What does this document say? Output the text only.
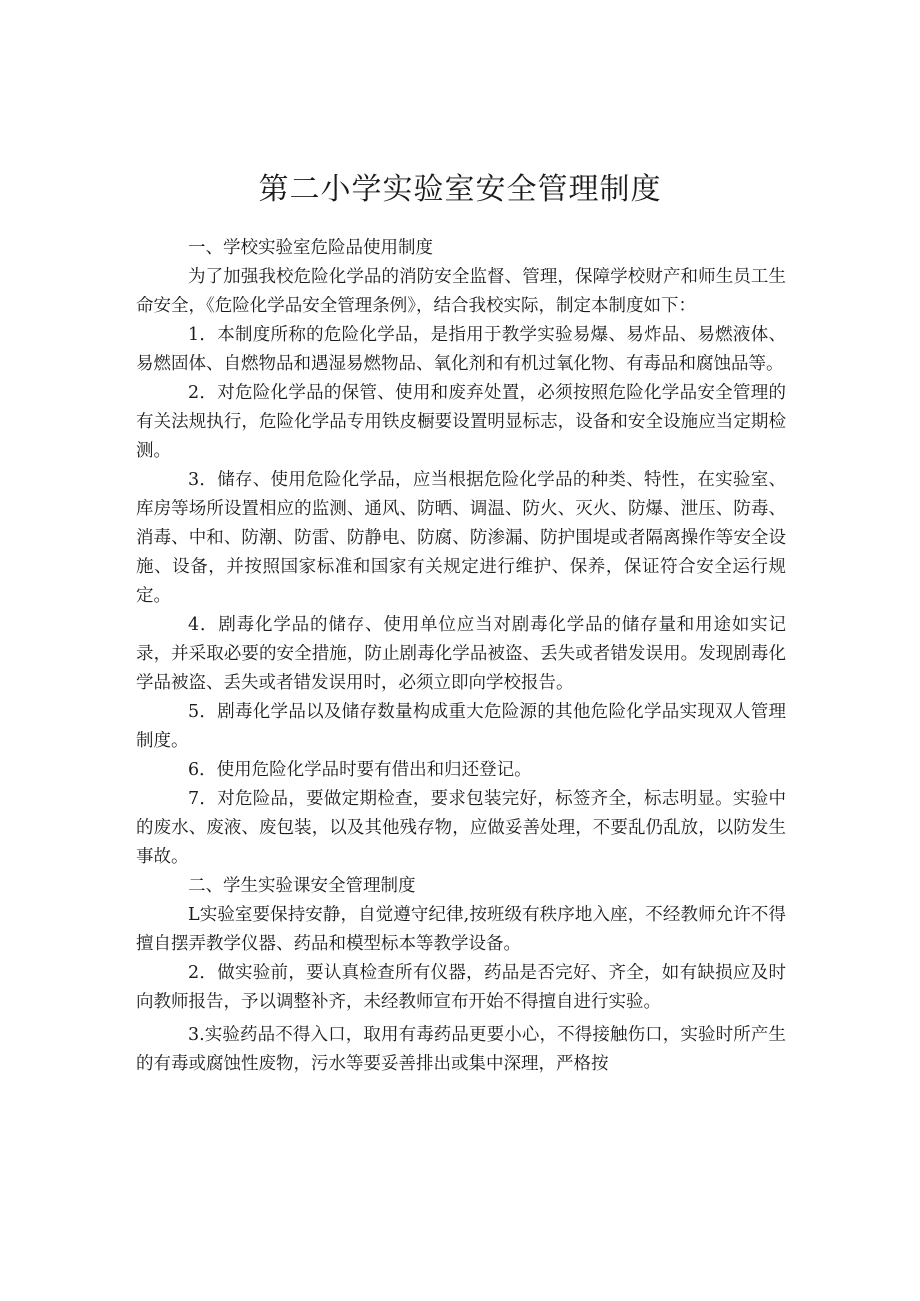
第二小学实验室安全管理制度

一、学校实验室危险品使用制度

为了加强我校危险化学品的消防安全监督、管理，保障学校财产和师生员工生命安全，《危险化学品安全管理条例》，结合我校实际，制定本制度如下：

1．本制度所称的危险化学品，是指用于教学实验易爆、易炸品、易燃液体、易燃固体、自燃物品和遇湿易燃物品、氧化剂和有机过氧化物、有毒品和腐蚀品等。

2．对危险化学品的保管、使用和废弃处置，必须按照危险化学品安全管理的有关法规执行，危险化学品专用铁皮橱要设置明显标志，设备和安全设施应当定期检测。

3．储存、使用危险化学品，应当根据危险化学品的种类、特性，在实验室、库房等场所设置相应的监测、通风、防晒、调温、防火、灭火、防爆、泄压、防毒、消毒、中和、防潮、防雷、防静电、防腐、防渗漏、防护围堤或者隔离操作等安全设施、设备，并按照国家标准和国家有关规定进行维护、保养，保证符合安全运行规定。

4．剧毒化学品的储存、使用单位应当对剧毒化学品的储存量和用途如实记录，并采取必要的安全措施，防止剧毒化学品被盗、丢失或者错发误用。发现剧毒化学品被盗、丢失或者错发误用时，必须立即向学校报告。

5．剧毒化学品以及储存数量构成重大危险源的其他危险化学品实现双人管理制度。

6．使用危险化学品时要有借出和归还登记。

7．对危险品，要做定期检查，要求包装完好，标签齐全，标志明显。实验中的废水、废液、废包装，以及其他残存物，应做妥善处理，不要乱仍乱放，以防发生事故。

二、学生实验课安全管理制度

L实验室要保持安静，自觉遵守纪律,按班级有秩序地入座，不经教师允许不得擅自摆弄教学仪器、药品和模型标本等教学设备。

2．做实验前，要认真检查所有仪器，药品是否完好、齐全，如有缺损应及时向教师报告，予以调整补齐，未经教师宣布开始不得擅自进行实验。

3.实验药品不得入口，取用有毒药品更要小心，不得接触伤口，实验时所产生的有毒或腐蚀性废物，污水等要妥善排出或集中深理，严格按
